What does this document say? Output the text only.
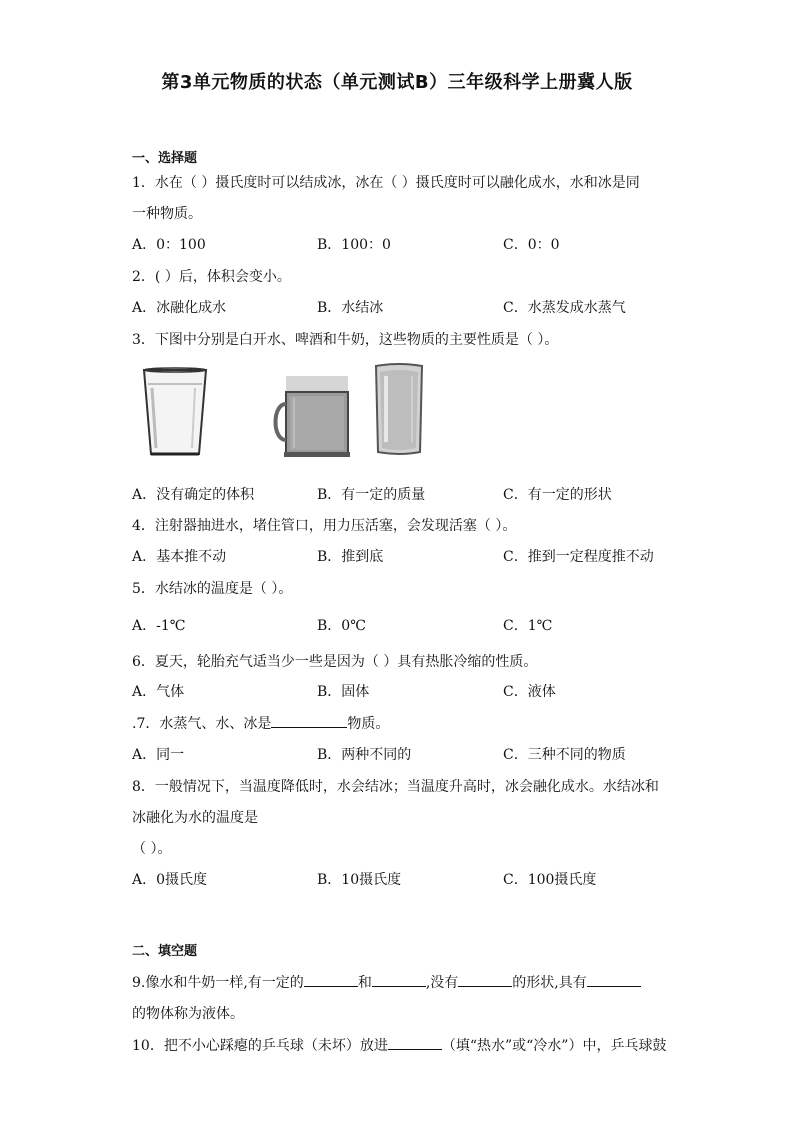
第3单元物质的状态（单元测试B）三年级科学上册冀人版
一、选择题
1．水在（ ）摄氏度时可以结成冰，冰在（ ）摄氏度时可以融化成水，水和冰是同
一种物质。
A．0：100	B．100：0	C．0：0
2．( ）后，体积会变小。
A．冰融化成水	B．水结冰	C．水蒸发成水蒸气
3．下图中分别是白开水、啤酒和牛奶，这些物质的主要性质是（ ）。
A．没有确定的体积	B．有一定的质量	C．有一定的形状
4．注射器抽进水，堵住管口，用力压活塞，会发现活塞（ ）。
A．基本推不动	B．推到底	C．推到一定程度推不动
5．水结冰的温度是（ ）。
A．-1℃	B．0℃	C．1℃
6．夏天，轮胎充气适当少一些是因为（ ）具有热胀冷缩的性质。
A．气体	B．固体	C．液体
.7．水蒸气、水、冰是	物质。
A．同一	B．两种不同的	C．三种不同的物质
8．一般情况下，当温度降低时，水会结冰；当温度升高时，冰会融化成水。水结冰和
冰融化为水的温度是
（ ）。
A．0摄氏度	B．10摄氏度	C．100摄氏度
二、填空题
9.像水和牛奶一样,有一定的	和	,没有	的形状,具有
的物体称为液体。
10．把不小心踩瘪的乒乓球（未坏）放进	（填“热水”或“冷水”）中，乒乓球鼓
